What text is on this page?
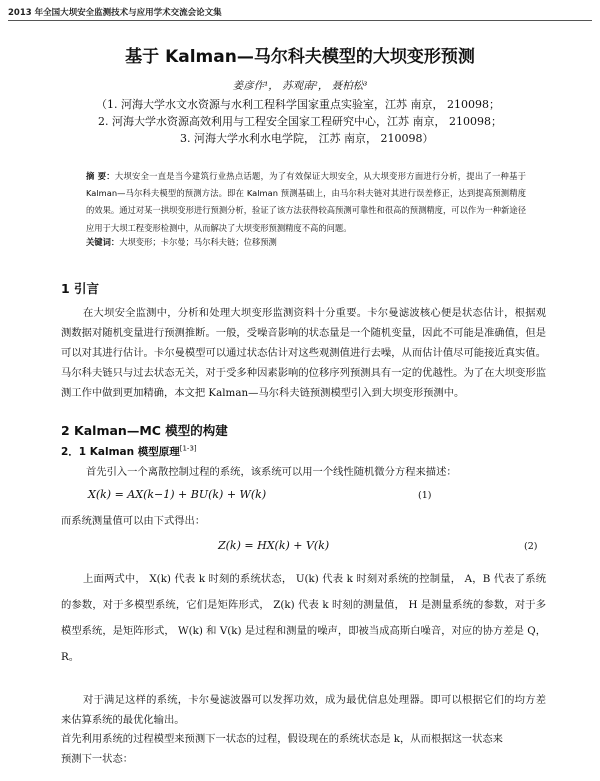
2013 年全国大坝安全监测技术与应用学术交流会论文集
基于 Kalman—马尔科夫模型的大坝变形预测
姜彦作¹， 苏观南²， 聂柏松³
（1. 河海大学水文水资源与水利工程科学国家重点实验室，江苏 南京， 210098；
2. 河海大学水资源高效利用与工程安全国家工程研究中心，江苏 南京， 210098；
3. 河海大学水利水电学院， 江苏 南京， 210098）
摘 要：大坝安全一直是当今建筑行业热点话题，为了有效保证大坝安全，从大坝变形方面进行分析，提出了一种基于 Kalman—马尔科夫模型的预测方法。即在 Kalman 预测基础上，由马尔科夫链对其进行误差修正，达到提高预测精度的效果。通过对某一拱坝变形进行预测分析，验证了该方法获得较高预测可靠性和很高的预测精度，可以作为一种新途径应用于大坝工程变形检测中，从而解决了大坝变形预测精度不高的问题。
关键词：大坝变形；卡尔曼；马尔科夫链；位移预测
1 引言
在大坝安全监测中，分析和处理大坝变形监测资料十分重要。卡尔曼滤波核心便是状态估计，根据观测数据对随机变量进行预测推断。一般，受噪音影响的状态量是一个随机变量，因此不可能是准确值，但是可以对其进行估计。卡尔曼模型可以通过状态估计对这些观测值进行去噪，从而估计值尽可能接近真实值。马尔科夫链只与过去状态无关，对于受多种因素影响的位移序列预测具有一定的优越性。为了在大坝变形监测工作中做到更加精确，本文把 Kalman—马尔科夫链预测模型引入到大坝变形预测中。
2 Kalman—MC 模型的构建
2．1 Kalman 模型原理[1-3]
首先引入一个离散控制过程的系统，该系统可以用一个线性随机微分方程来描述：
X(k) = AX(k−1) + BU(k) + W(k)	(1)
而系统测量值可以由下式得出：
Z(k) = HX(k) + V(k)	(2)
上面两式中， X(k) 代表 k 时刻的系统状态， U(k) 代表 k 时刻对系统的控制量， A，B 代表了系统的参数，对于多模型系统，它们是矩阵形式， Z(k) 代表 k 时刻的测量值， H 是测量系统的参数，对于多模型系统，是矩阵形式， W(k) 和 V(k) 是过程和测量的噪声，即被当成高斯白噪音，对应的协方差是 Q，R。
对于满足这样的系统，卡尔曼滤波器可以发挥功效，成为最优信息处理器。即可以根据它们的均方差来估算系统的最优化输出。
首先利用系统的过程模型来预测下一状态的过程，假设现在的系统状态是 k，从而根据这一状态来
预测下一状态：
